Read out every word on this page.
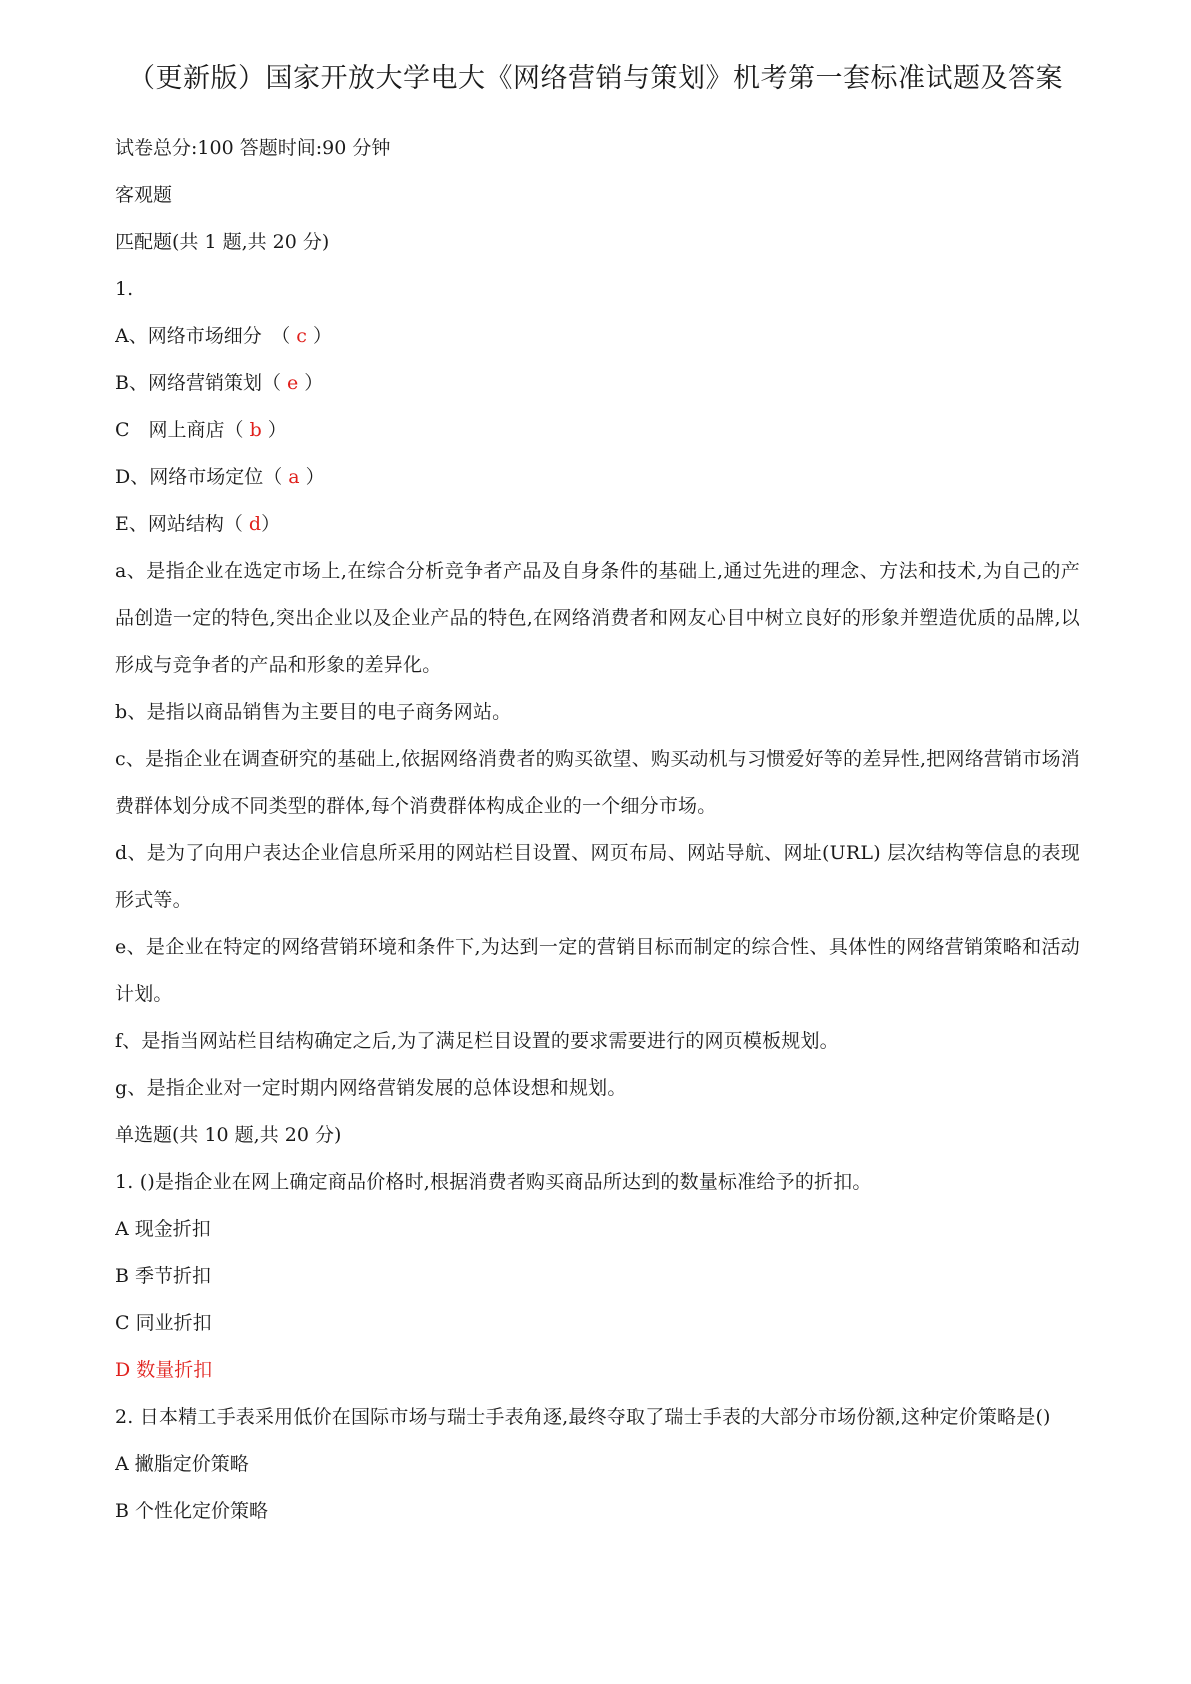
（更新版）国家开放大学电大《网络营销与策划》机考第一套标准试题及答案
试卷总分:100 答题时间:90 分钟
客观题
匹配题(共 1 题,共 20 分)
1.
A、网络市场细分　（ c ）
B、网络营销策划（ e ）
C　网上商店（ b ）
D、网络市场定位（ a ）
E、网站结构（ d）
a、是指企业在选定市场上,在综合分析竞争者产品及自身条件的基础上,通过先进的理念、方法和技术,为自己的产品创造一定的特色,突出企业以及企业产品的特色,在网络消费者和网友心目中树立良好的形象并塑造优质的品牌,以形成与竞争者的产品和形象的差异化。
b、是指以商品销售为主要目的电子商务网站。
c、是指企业在调查研究的基础上,依据网络消费者的购买欲望、购买动机与习惯爱好等的差异性,把网络营销市场消费群体划分成不同类型的群体,每个消费群体构成企业的一个细分市场。
d、是为了向用户表达企业信息所采用的网站栏目设置、网页布局、网站导航、网址(URL) 层次结构等信息的表现形式等。
e、是企业在特定的网络营销环境和条件下,为达到一定的营销目标而制定的综合性、具体性的网络营销策略和活动计划。
f、是指当网站栏目结构确定之后,为了满足栏目设置的要求需要进行的网页模板规划。
g、是指企业对一定时期内网络营销发展的总体设想和规划。
单选题(共 10 题,共 20 分)
1. ()是指企业在网上确定商品价格时,根据消费者购买商品所达到的数量标准给予的折扣。
A 现金折扣
B 季节折扣
C 同业折扣
D 数量折扣
2. 日本精工手表采用低价在国际市场与瑞士手表角逐,最终夺取了瑞士手表的大部分市场份额,这种定价策略是()
A 撇脂定价策略
B 个性化定价策略
